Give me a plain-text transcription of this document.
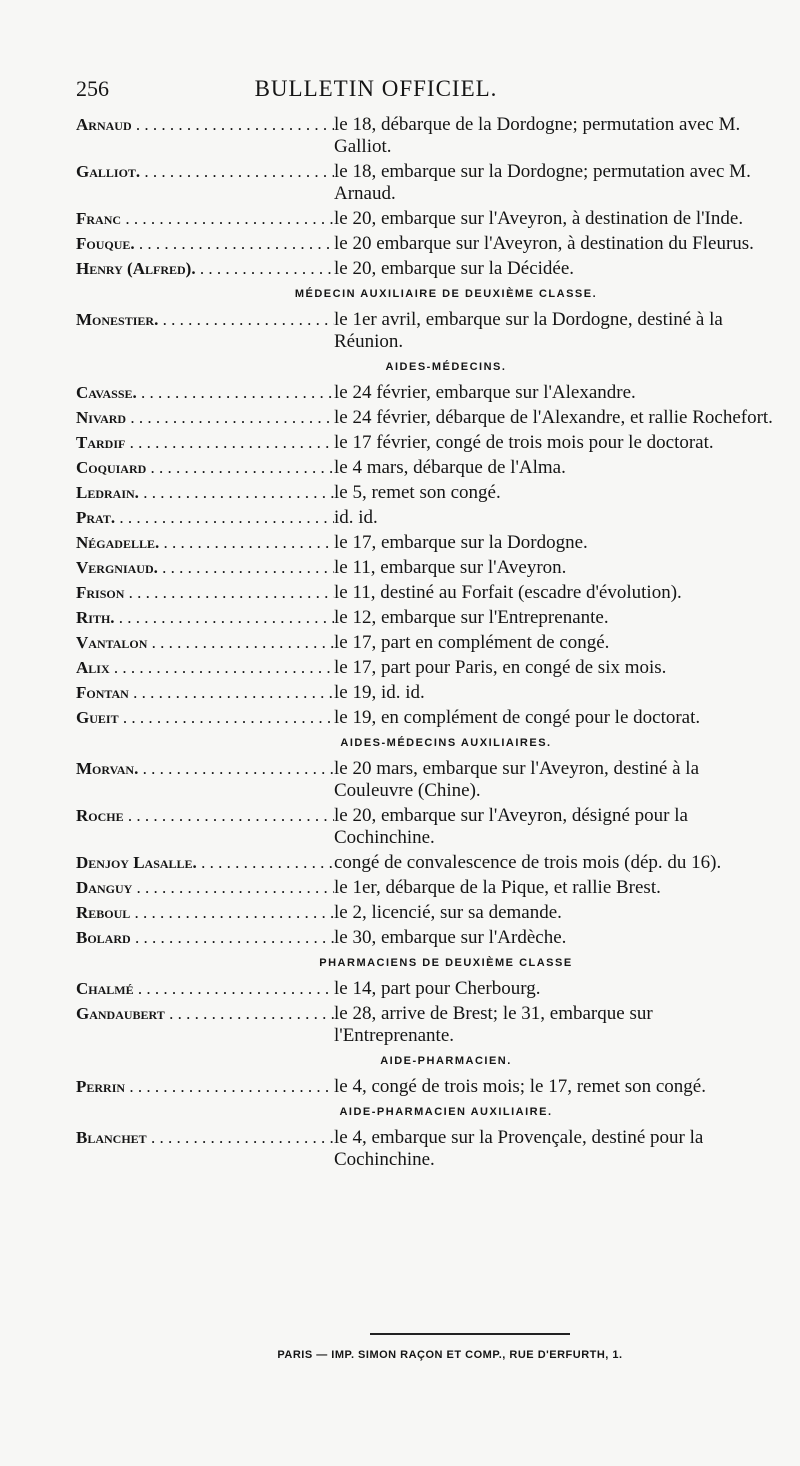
256	BULLETIN OFFICIEL.
Arnaud . . .	le 18, débarque de la Dordogne; permutation avec M. Galliot.
Galliot. . . .	le 18, embarque sur la Dordogne; permutation avec M. Arnaud.
Franc . . .	le 20, embarque sur l'Aveyron, à destination de l'Inde.
Fouque. . . .	le 20 embarque sur l'Aveyron, à destination du Fleurus.
Henry (Alfred). . . .	le 20, embarque sur la Décidée.
MÉDECIN AUXILIAIRE DE DEUXIÈME CLASSE.
Monestier. . . .	le 1er avril, embarque sur la Dordogne, destiné à la Réunion.
AIDES-MÉDECINS.
Cavasse. . . .	le 24 février, embarque sur l'Alexandre.
Nivard . . .	le 24 février, débarque de l'Alexandre, et rallie Rochefort.
Tardif . . .	le 17 février, congé de trois mois pour le doctorat.
Coquiard . . .	le 4 mars, débarque de l'Alma.
Ledrain. . . .	le 5, remet son congé.
Prat. . . .	id. id.
Négadelle. . . .	le 17, embarque sur la Dordogne.
Vergniaud. . . .	le 11, embarque sur l'Aveyron.
Frison . . .	le 11, destiné au Forfait (escadre d'évolution).
Rith. . . .	le 12, embarque sur l'Entreprenante.
Vantalon . . .	le 17, part en complément de congé.
Alix . . .	le 17, part pour Paris, en congé de six mois.
Fontan . . .	le 19, id. id.
Gueit . . .	le 19, en complément de congé pour le doctorat.
AIDES-MÉDECINS AUXILIAIRES.
Morvan. . . .	le 20 mars, embarque sur l'Aveyron, destiné à la Couleuvre (Chine).
Roche . . .	le 20, embarque sur l'Aveyron, désigné pour la Cochinchine.
Denjoy Lasalle. . . .	congé de convalescence de trois mois (dép. du 16).
Danguy . . .	le 1er, débarque de la Pique, et rallie Brest.
Reboul . . .	le 2, licencié, sur sa demande.
Bolard . . .	le 30, embarque sur l'Ardèche.
PHARMACIENS DE DEUXIÈME CLASSE
Chalmé . . .	le 14, part pour Cherbourg.
Gandaubert . . .	le 28, arrive de Brest; le 31, embarque sur l'Entreprenante.
AIDE-PHARMACIEN.
Perrin . . .	le 4, congé de trois mois; le 17, remet son congé.
AIDE-PHARMACIEN AUXILIAIRE.
Blanchet . . .	le 4, embarque sur la Provençale, destiné pour la Cochinchine.
PARIS — IMP. SIMON RAÇON ET COMP., RUE D'ERFURTH, 1.
